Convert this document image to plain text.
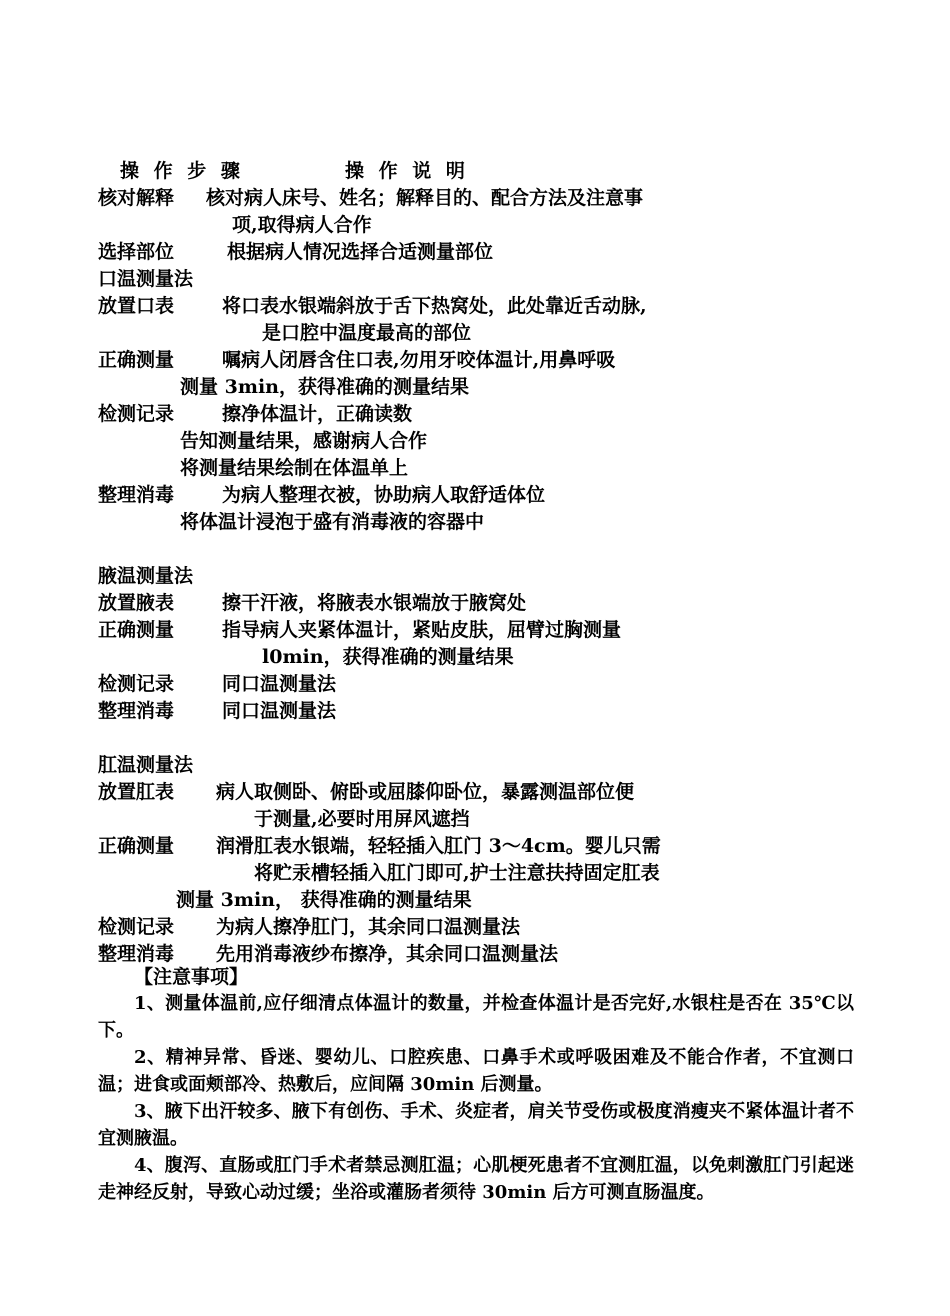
操 作 步 骤	操 作 说 明
核对解释 核对病人床号、姓名；解释目的、配合方法及注意事
项,取得病人合作
选择部位	根据病人情况选择合适测量部位
口温测量法
放置口表	将口表水银端斜放于舌下热窝处，此处靠近舌动脉,
是口腔中温度最高的部位
正确测量	嘱病人闭唇含住口表,勿用牙咬体温计,用鼻呼吸
测量 3min，获得准确的测量结果
检测记录	擦净体温计，正确读数
告知测量结果，感谢病人合作
将测量结果绘制在体温单上
整理消毒	为病人整理衣被，协助病人取舒适体位
将体温计浸泡于盛有消毒液的容器中
腋温测量法
放置腋表	擦干汗液，将腋表水银端放于腋窝处
正确测量	指导病人夹紧体温计，紧贴皮肤，屈臂过胸测量
l0min，获得准确的测量结果
检测记录	同口温测量法
整理消毒	同口温测量法
肛温测量法
放置肛表 病人取侧卧、俯卧或屈膝仰卧位，暴露测温部位便
于测量,必要时用屏风遮挡
正确测量 润滑肛表水银端，轻轻插入肛门 3～4cm。婴儿只需
将贮汞槽轻插入肛门即可,护士注意扶持固定肛表
测量 3min， 获得准确的测量结果
检测记录 为病人擦净肛门，其余同口温测量法
整理消毒 先用消毒液纱布擦净，其余同口温测量法
【注意事项】
1、测量体温前,应仔细清点体温计的数量，并检查体温计是否完好,水银柱是否在 35℃以下。
2、精神异常、昏迷、婴幼儿、口腔疾患、口鼻手术或呼吸困难及不能合作者，不宜测口温；进食或面颊部冷、热敷后，应间隔 30min 后测量。
3、腋下出汗较多、腋下有创伤、手术、炎症者，肩关节受伤或极度消瘦夹不紧体温计者不宜测腋温。
4、腹泻、直肠或肛门手术者禁忌测肛温；心肌梗死患者不宜测肛温，以免刺激肛门引起迷走神经反射，导致心动过缓；坐浴或灌肠者须待 30min 后方可测直肠温度。
